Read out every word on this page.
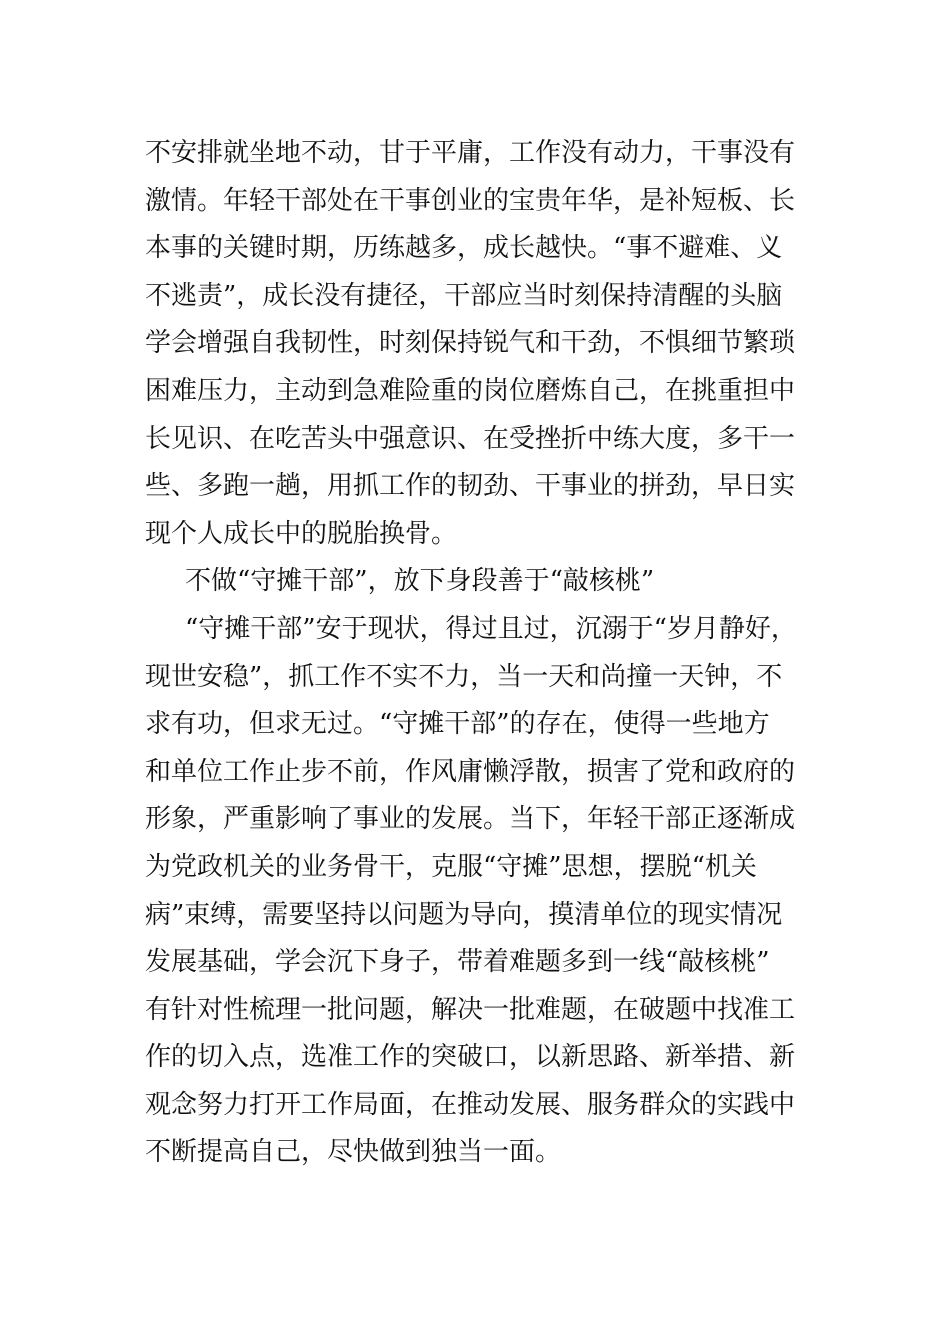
不安排就坐地不动，甘于平庸，工作没有动力，干事没有
激情。年轻干部处在干事创业的宝贵年华，是补短板、长
本事的关键时期，历练越多，成长越快。“事不避难、义
不逃责”，成长没有捷径，干部应当时刻保持清醒的头脑
学会增强自我韧性，时刻保持锐气和干劲，不惧细节繁琐
困难压力，主动到急难险重的岗位磨炼自己，在挑重担中
长见识、在吃苦头中强意识、在受挫折中练大度，多干一
些、多跑一趟，用抓工作的韧劲、干事业的拼劲，早日实
现个人成长中的脱胎换骨。
不做“守摊干部”，放下身段善于“敲核桃”
“守摊干部”安于现状，得过且过，沉溺于“岁月静好，
现世安稳”，抓工作不实不力，当一天和尚撞一天钟，不
求有功，但求无过。“守摊干部”的存在，使得一些地方
和单位工作止步不前，作风庸懒浮散，损害了党和政府的
形象，严重影响了事业的发展。当下，年轻干部正逐渐成
为党政机关的业务骨干，克服“守摊”思想，摆脱“机关
病”束缚，需要坚持以问题为导向，摸清单位的现实情况
发展基础，学会沉下身子，带着难题多到一线“敲核桃”
有针对性梳理一批问题，解决一批难题，在破题中找准工
作的切入点，选准工作的突破口，以新思路、新举措、新
观念努力打开工作局面，在推动发展、服务群众的实践中
不断提高自己，尽快做到独当一面。
